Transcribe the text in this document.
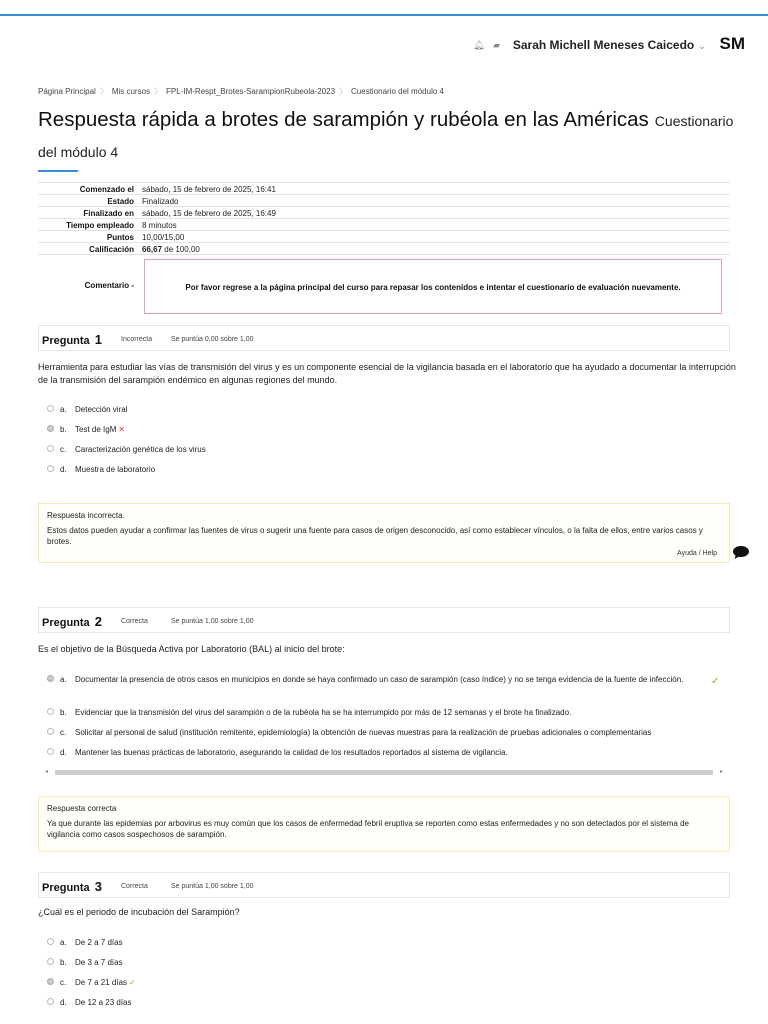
🔔︎ ▰ Sarah Michell Meneses Caicedo ⌄ SM
Página Principal 〉 Mis cursos 〉 FPL-IM-Respt_Brotes-SarampionRubeola-2023 〉 Cuestionario del módulo 4
Respuesta rápida a brotes de sarampión y rubéola en las Américas Cuestionario del módulo 4
Comenzado el	sábado, 15 de febrero de 2025, 16:41
Estado	Finalizado
Finalizado en	sábado, 15 de febrero de 2025, 16:49
Tiempo empleado	8 minutos
Puntos	10,00/15,00
Calificación	66,67 de 100,00
Comentario -		Por favor regrese a la página principal del curso para repasar los contenidos e intentar el cuestionario de evaluación nuevamente.
Pregunta 1	Incorrecta	Se puntúa 0,00 sobre 1,00
Herramienta para estudiar las vías de transmisión del virus y es un componente esencial de la vigilancia basada en el laboratorio que ha ayudado a documentar la interrupción de la transmisión del sarampión endémico en algunas regiones del mundo.
a. Detección viral
b. Test de IgM ✕
c. Caracterización genética de los virus
d. Muestra de laboratorio
Respuesta incorrecta.
Estos datos pueden ayudar a confirmar las fuentes de virus o sugerir una fuente para casos de origen desconocido, así como establecer vínculos, o la falta de ellos, entre varios casos y brotes.
Ayuda / Help
Pregunta 2	Correcta	Se puntúa 1,00 sobre 1,00
Es el objetivo de la Búsqueda Activa por Laboratorio (BAL) al inicio del brote:
a. Documentar la presencia de otros casos en municipios en donde se haya confirmado un caso de sarampión (caso índice) y no se tenga evidencia de la fuente de infección.	✓
b. Evidenciar que la transmisión del virus del sarampión o de la rubéola ha se ha interrumpido por más de 12 semanas y el brote ha finalizado.
c. Solicitar al personal de salud (institución remitente, epidemiología) la obtención de nuevas muestras para la realización de pruebas adicionales o complementarias
d. Mantener las buenas prácticas de laboratorio, asegurando la calidad de los resultados reportados al sistema de vigilancia.
◂	▸
Respuesta correcta
Ya que durante las epidemias por arbovirus es muy común que los casos de enfermedad febril eruptiva se reporten como estas enfermedades y no son detectados por el sistema de vigilancia como casos sospechosos de sarampión.
Pregunta 3	Correcta	Se puntúa 1,00 sobre 1,00
¿Cuál es el periodo de incubación del Sarampión?
a. De 2 a 7 días
b. De 3 a 7 días
c. De 7 a 21 días ✓
d. De 12 a 23 días
